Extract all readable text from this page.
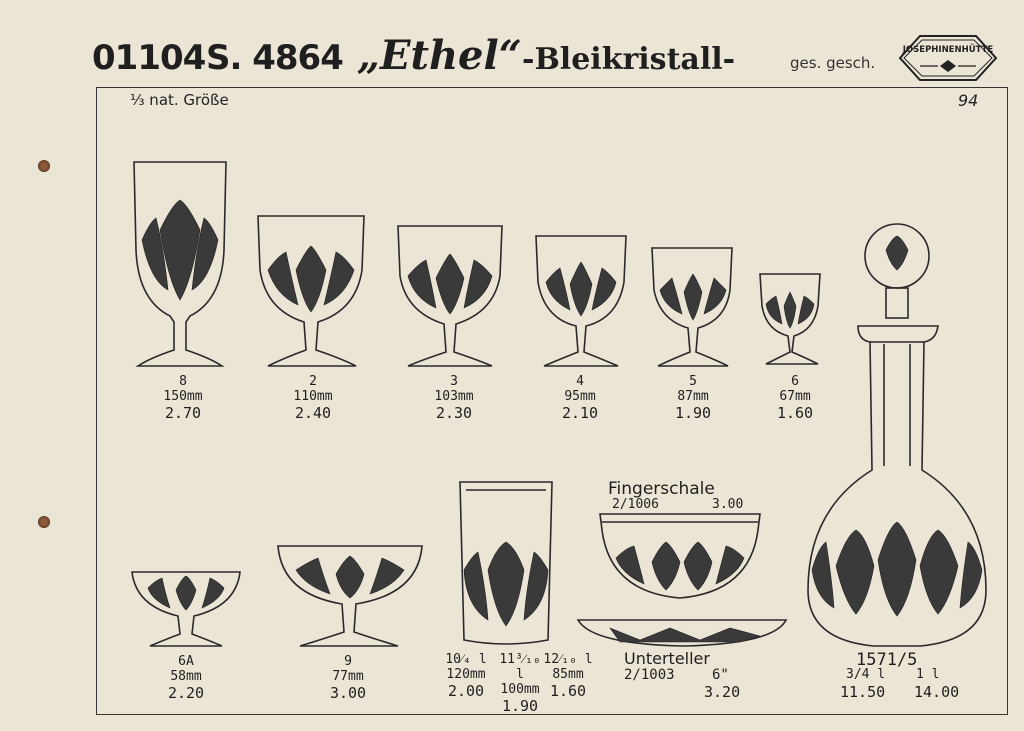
01104 S. 4864 „Ethel“ -Bleikristall-	ges. gesch.
JOSEPHINENHÜTTE
⅓ nat. Größe	94
8
150mm
2.70
2
110mm
2.40
3
103mm
2.30
4
95mm
2.10
5
87mm
1.90
6
67mm
1.60
6A
58mm
2.20
9
77mm
3.00
10⁄₄ l
120mm
2.00
11³⁄₁₀ l
100mm
1.90
12⁄₁₀ l
85mm
1.60
Fingerschale
2/1006	3.00
Unterteller
2/1003	6"
3.20
1571/5
3/4 l 1 l
11.50 14.00
